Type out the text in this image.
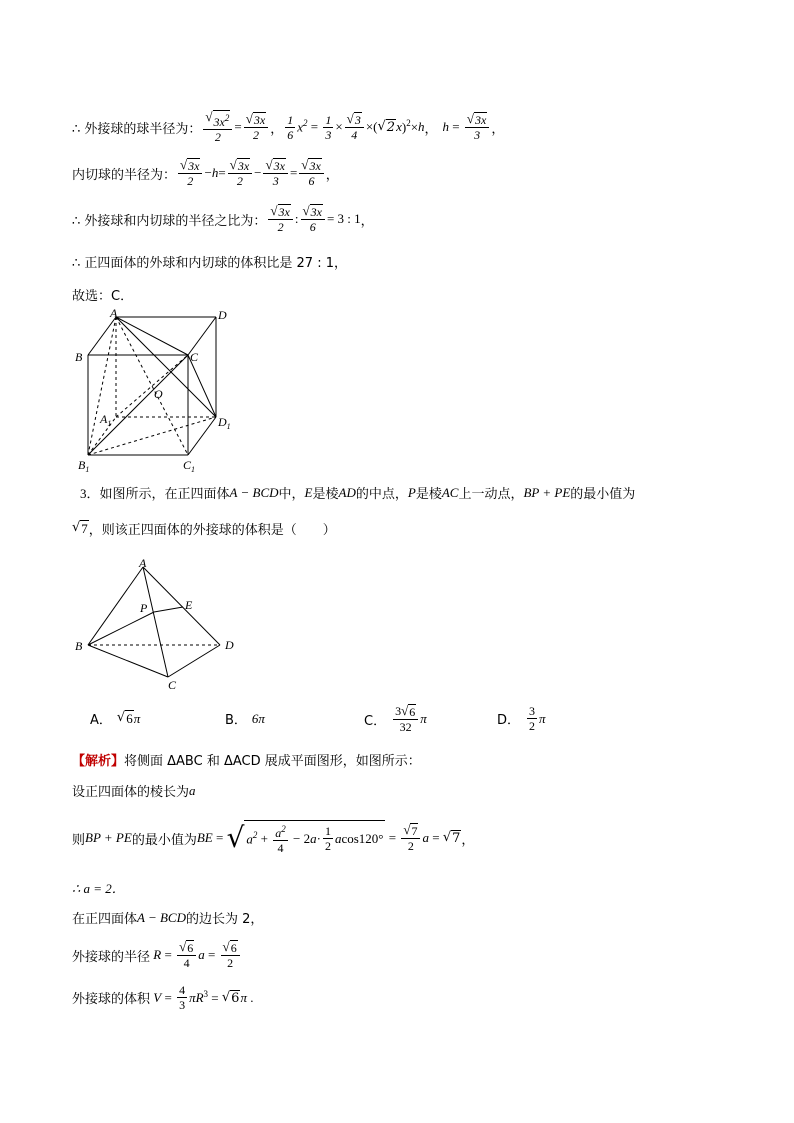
∴ 外接球的球半径为： $\frac{√ 3x^2}{2} = \frac{√ 3x}{2}$ ， $\frac{1}{6} x^2 = \frac{1}{3} \times \frac{√ 3}{4}$ ×( √ 2 x )$^2$× h ， $h = \frac{√ 3x}{3}$ ，
内切球的半径为： $\frac{√ 3x}{2} - h = \frac{√ 3x}{2} - \frac{√ 3x}{3} = \frac{√ 3x}{6}$ ，
∴ 外接球和内切球的半径之比为： $\frac{√ 3x}{2}$ : $\frac{√ 3x}{6} = 3$ : 1 ，
∴ 正四面体的外球和内切球的体积比是 27 : 1，
故选：C．
A	D
B	C
O
$A_1$	$D_1$
$B_1$	$C_1$
3． 如图所示，在正四面体 A − BCD 中， E 是棱 AD 的中点， P 是棱 AC 上一动点， BP + PE 的最小值为
√ 7 ，则该正四面体的外接球的体积是（　　）
A
B
C
D
P	E
A． √ 6 π	B． 6π	C． $\frac{3 √ 6}{32}$ π	D． $\frac{3}{2}$ π
【解析】 将侧面 ΔABC 和 ΔACD 展成平面图形，如图所示：
设正四面体的棱长为 a
则 BP + PE 的最小值为 BE = √ $a^2 + \frac{a^2}{4} - 2$ $a \cdot \frac{1}{2}$ a $\cos 120^\circ = \frac{√ 7}{2}$ a = √ 7 ，
∴ a = 2．
在正四面体 A − BCD 的边长为 2，
外接球的半径 $R = \frac{√ 6}{4}$ $a = \frac{√ 6}{2}$
外接球的体积 $V = \frac{4}{3}$ πR $^3$ = √ 6 π .
